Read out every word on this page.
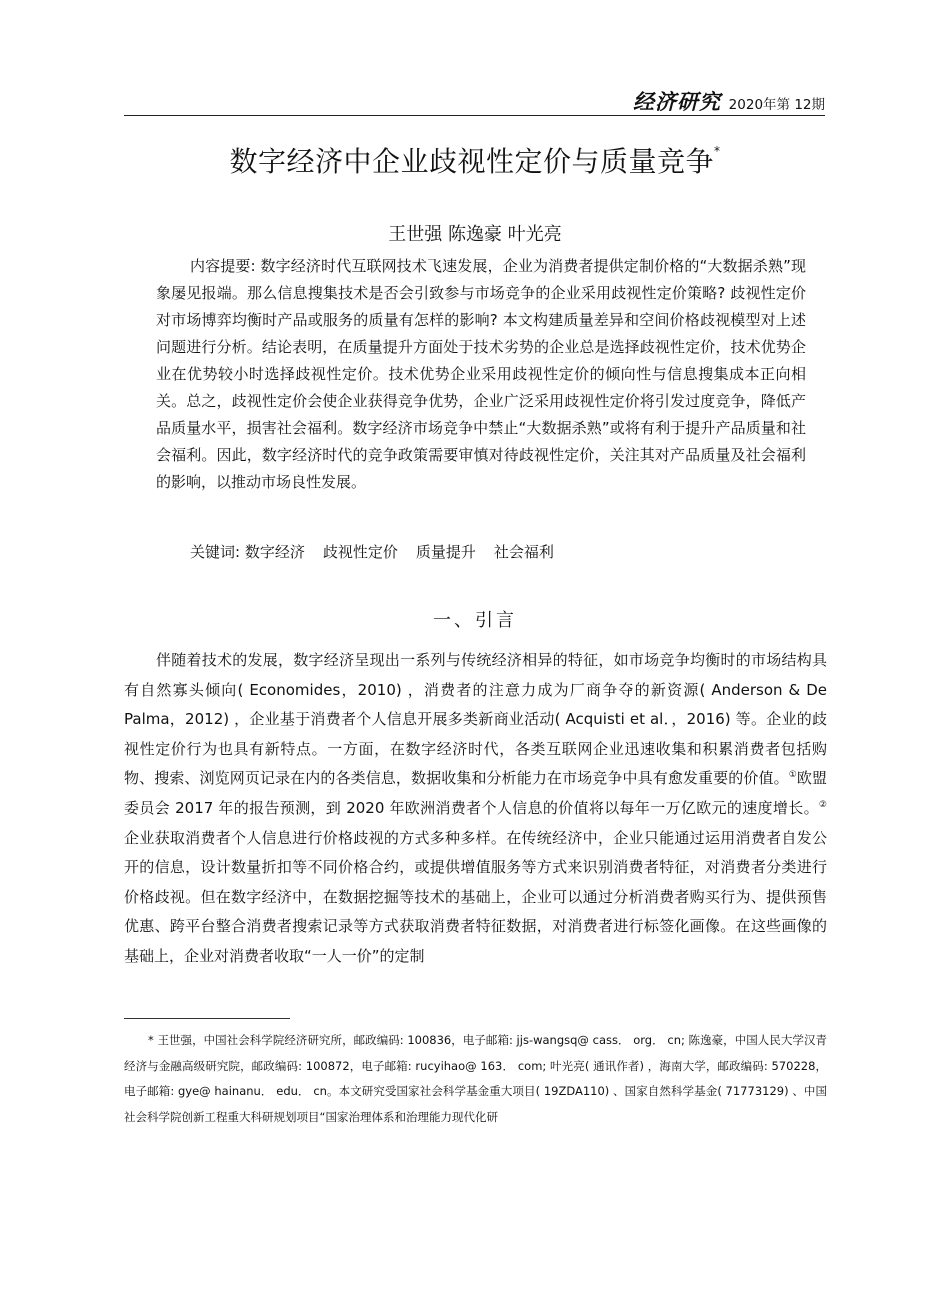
经济研究 2020年第 12期
数字经济中企业歧视性定价与质量竞争*
王世强 陈逸豪 叶光亮
内容提要: 数字经济时代互联网技术飞速发展，企业为消费者提供定制价格的“大数据杀熟”现象屡见报端。那么信息搜集技术是否会引致参与市场竞争的企业采用歧视性定价策略? 歧视性定价对市场博弈均衡时产品或服务的质量有怎样的影响? 本文构建质量差异和空间价格歧视模型对上述问题进行分析。结论表明，在质量提升方面处于技术劣势的企业总是选择歧视性定价，技术优势企业在优势较小时选择歧视性定价。技术优势企业采用歧视性定价的倾向性与信息搜集成本正向相关。总之，歧视性定价会使企业获得竞争优势，企业广泛采用歧视性定价将引发过度竞争，降低产品质量水平，损害社会福利。数字经济市场竞争中禁止“大数据杀熟”或将有利于提升产品质量和社会福利。因此，数字经济时代的竞争政策需要审慎对待歧视性定价，关注其对产品质量及社会福利的影响，以推动市场良性发展。
关键词: 数字经济 歧视性定价 质量提升 社会福利
一、引言
伴随着技术的发展，数字经济呈现出一系列与传统经济相异的特征，如市场竞争均衡时的市场结构具有自然寡头倾向( Economides，2010) ，消费者的注意力成为厂商争夺的新资源( Anderson & De Palma，2012) ，企业基于消费者个人信息开展多类新商业活动( Acquisti et al．，2016) 等。企业的歧视性定价行为也具有新特点。一方面，在数字经济时代，各类互联网企业迅速收集和积累消费者包括购物、搜索、浏览网页记录在内的各类信息，数据收集和分析能力在市场竞争中具有愈发重要的价值。①欧盟委员会 2017 年的报告预测，到 2020 年欧洲消费者个人信息的价值将以每年一万亿欧元的速度增长。②企业获取消费者个人信息进行价格歧视的方式多种多样。在传统经济中，企业只能通过运用消费者自发公开的信息，设计数量折扣等不同价格合约，或提供增值服务等方式来识别消费者特征，对消费者分类进行价格歧视。但在数字经济中，在数据挖掘等技术的基础上，企业可以通过分析消费者购买行为、提供预售优惠、跨平台整合消费者搜索记录等方式获取消费者特征数据，对消费者进行标签化画像。在这些画像的基础上，企业对消费者收取“一人一价”的定制
* 王世强，中国社会科学院经济研究所，邮政编码: 100836，电子邮箱: jjs-wangsq@ cass． org． cn; 陈逸豪，中国人民大学汉青经济与金融高级研究院，邮政编码: 100872，电子邮箱: rucyihao@ 163． com; 叶光亮( 通讯作者) ，海南大学，邮政编码: 570228，电子邮箱: gye@ hainanu． edu． cn。本文研究受国家社会科学基金重大项目( 19ZDA110) 、国家自然科学基金( 71773129) 、中国社会科学院创新工程重大科研规划项目“国家治理体系和治理能力现代化研
